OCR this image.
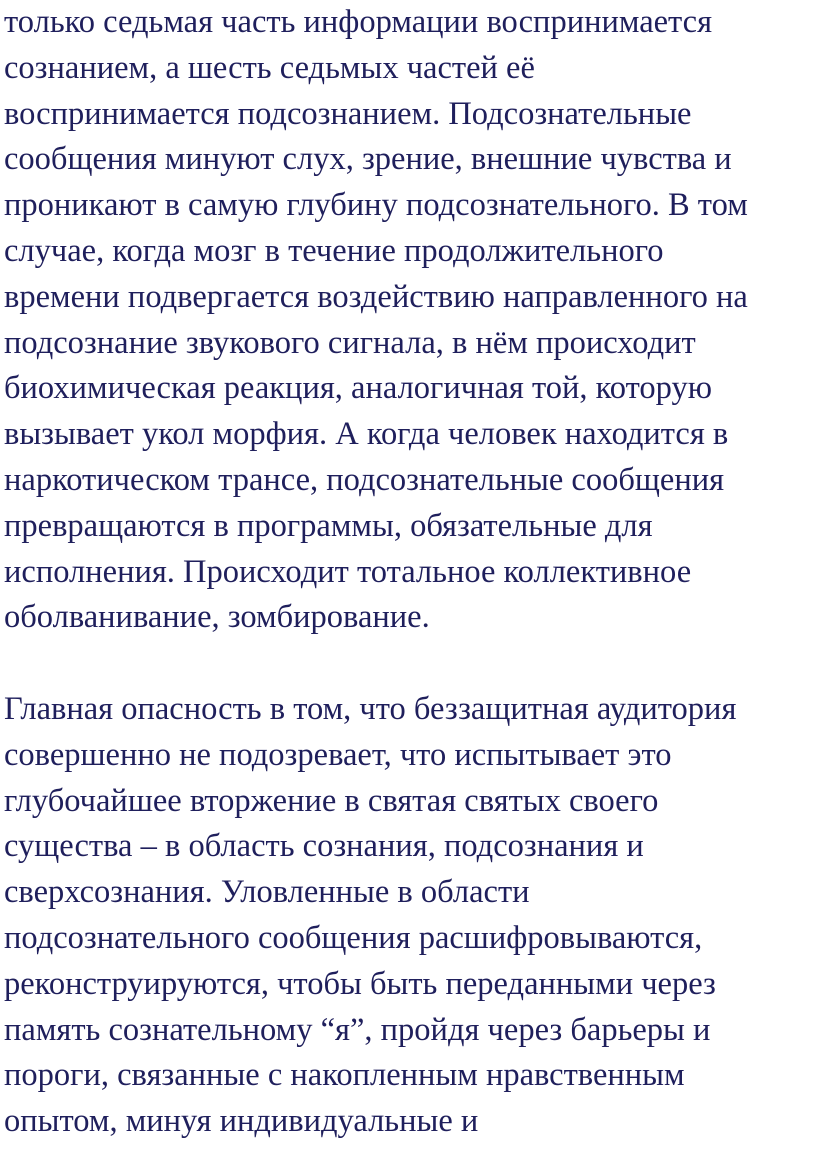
только седьмая часть информации воспринимается
сознанием, а шесть седьмых частей её
воспринимается подсознанием. Подсознательные
сообщения минуют слух, зрение, внешние чувства и
проникают в самую глубину подсознательного. В том
случае, когда мозг в течение продолжительного
времени подвергается воздействию направленного на
подсознание звукового сигнала, в нём происходит
биохимическая реакция, аналогичная той, которую
вызывает укол морфия. А когда человек находится в
наркотическом трансе, подсознательные сообщения
превращаются в программы, обязательные для
исполнения. Происходит тотальное коллективное
оболванивание, зомбирование.
Главная опасность в том, что беззащитная аудитория
совершенно не подозревает, что испытывает это
глубочайшее вторжение в святая святых своего
существа – в область сознания, подсознания и
сверхсознания. Уловленные в области
подсознательного сообщения расшифровываются,
реконструируются, чтобы быть переданными через
память сознательному “я”, пройдя через барьеры и
пороги, связанные с накопленным нравственным
опытом, минуя индивидуальные и
